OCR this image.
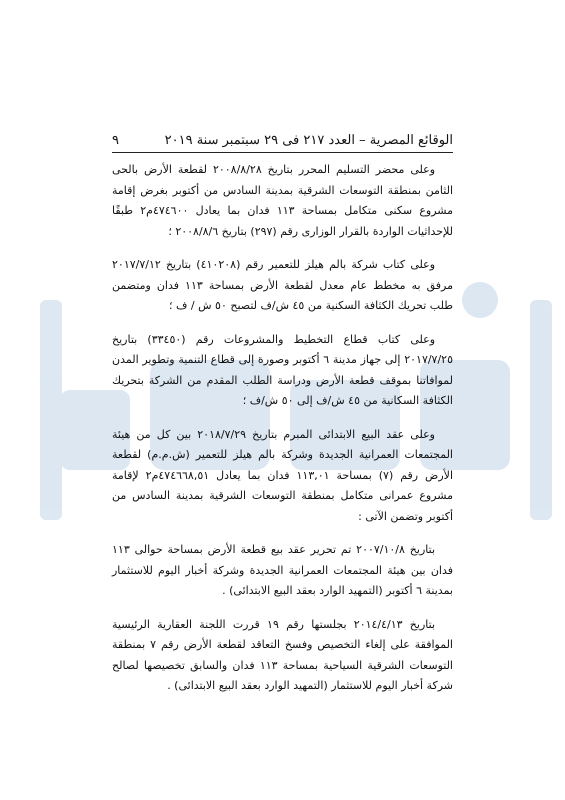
الوقائع المصرية – العدد ٢١٧ فى ٢٩ سبتمبر سنة ٢٠١٩
٩

وعلى محضر التسليم المحرر بتاريخ ٢٠٠٨/٨/٢٨ لقطعة الأرض بالحى الثامن بمنطقة التوسعات الشرقية بمدينة السادس من أكتوبر بغرض إقامة مشروع سكنى متكامل بمساحة ١١٣ فدان بما يعادل ٤٧٤٦٠٠م٢ طبقًا للإحداثيات الواردة بالقرار الوزارى رقم (٢٩٧) بتاريخ ٢٠٠٨/٨/٦ ؛

وعلى كتاب شركة بالم هيلز للتعمير رقم (٤١٠٢٠٨) بتاريخ ٢٠١٧/٧/١٢ مرفق به مخطط عام معدل لقطعة الأرض بمساحة ١١٣ فدان ومتضمن طلب تحريك الكثافة السكنية من ٤٥ ش/ف لتصبح ٥٠ ش / ف ؛

وعلى كتاب قطاع التخطيط والمشروعات رقم (٣٣٤٥٠) بتاريخ ٢٠١٧/٧/٢٥ إلى جهاز مدينة ٦ أكتوبر وصورة إلى قطاع التنمية وتطوير المدن لموافاتنا بموقف قطعة الأرض ودراسة الطلب المقدم من الشركة بتحريك الكثافة السكانية من ٤٥ ش/ف إلى ٥٠ ش/ف ؛

وعلى عقد البيع الابتدائى المبرم بتاريخ ٢٠١٨/٧/٢٩ بين كل من هيئة المجتمعات العمرانية الجديدة وشركة بالم هيلز للتعمير (ش.م.م) لقطعة الأرض رقم (٧) بمساحة ١١٣,٠١ فدان بما يعادل ٤٧٤٦٦٨,٥١م٢ لإقامة مشروع عمرانى متكامل بمنطقة التوسعات الشرقية بمدينة السادس من أكتوبر وتضمن الآتى :

بتاريخ ٢٠٠٧/١٠/٨ تم تحرير عقد بيع قطعة الأرض بمساحة حوالى ١١٣ فدان بين هيئة المجتمعات العمرانية الجديدة وشركة أخبار اليوم للاستثمار بمدينة ٦ أكتوبر (التمهيد الوارد بعقد البيع الابتدائى) .

بتاريخ ٢٠١٤/٤/١٣ بجلستها رقم ١٩ قررت اللجنة العقارية الرئيسية الموافقة على إلغاء التخصيص وفسخ التعاقد لقطعة الأرض رقم ٧ بمنطقة التوسعات الشرقية السياحية بمساحة ١١٣ فدان والسابق تخصيصها لصالح شركة أخبار اليوم للاستثمار (التمهيد الوارد بعقد البيع الابتدائى) .
